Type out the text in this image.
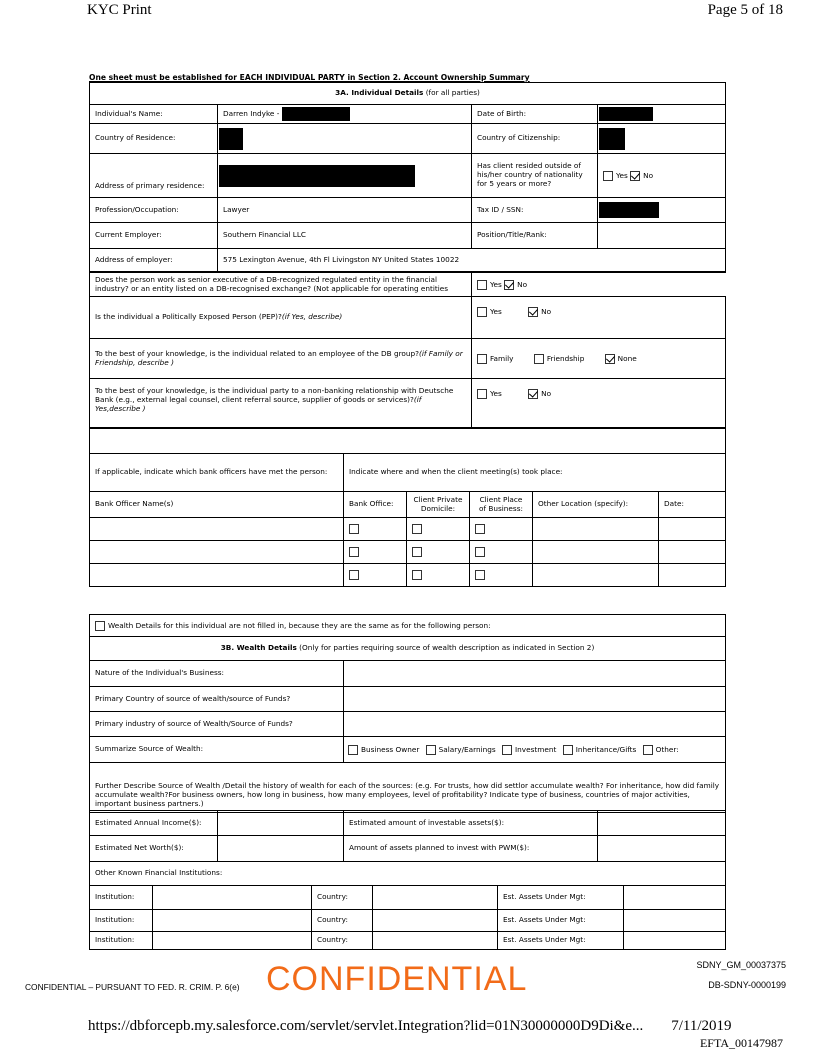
KYC Print	Page 5 of 18
One sheet must be established for EACH INDIVIDUAL PARTY in Section 2. Account Ownership Summary
3A. Individual Details (for all parties)			
Individual's Name:	Darren Indyke -	Date of Birth:	
Country of Residence:		Country of Citizenship:	
Address of primary residence:		Has client resided outside of his/her country of nationality for 5 years or more?	Yes No
Profession/Occupation:	Lawyer	Tax ID / SSN:	
Current Employer:	Southern Financial LLC	Position/Title/Rank:	
Address of employer:	575 Lexington Avenue, 4th Fl Livingston NY United States 10022		
Does the person work as senior executive of a DB-recognized regulated entity in the financial industry? or an entity listed on a DB-recognised exchange? (Not applicable for operating entities	Yes No
Is the individual a Politically Exposed Person (PEP)?(if Yes, describe)	Yes No
To the best of your knowledge, is the individual related to an employee of the DB group?(if Family or Friendship, describe )	Family Friendship None
To the best of your knowledge, is the individual party to a non-banking relationship with Deutsche Bank (e.g., external legal counsel, client referral source, supplier of goods or services)?(if Yes,describe )	Yes No

If applicable, indicate which bank officers have met the person:	Indicate where and when the client meeting(s) took place:				
Bank Officer Name(s)	Bank Office:	Client Private Domicile:	Client Place of Business:	Other Location (specify):	Date:

Wealth Details for this individual are not filled in, because they are the same as for the following person:	
3B. Wealth Details (Only for parties requiring source of wealth description as indicated in Section 2)	
Nature of the Individual's Business:	
Primary Country of source of wealth/source of Funds?	
Primary industry of source of Wealth/Source of Funds?	
Summarize Source of Wealth:	Business Owner Salary/Earnings Investment Inheritance/Gifts Other:
Further Describe Source of Wealth /Detail the history of wealth for each of the sources: (e.g. For trusts, how did settlor accumulate wealth? For inheritance, how did family accumulate wealth?For business owners, how long in business, how many employees, level of profitability? Indicate type of business, countries of major activities, important business partners.)	
Estimated Annual Income($):		Estimated amount of investable assets($):	
Estimated Net Worth($):		Amount of assets planned to invest with PWM($):	
Other Known Financial Institutions:			
Institution:		Country:		Est. Assets Under Mgt:	
Institution:		Country:		Est. Assets Under Mgt:	
Institution:		Country:		Est. Assets Under Mgt:	
SDNY_GM_00037375
CONFIDENTIAL
CONFIDENTIAL – PURSUANT TO FED. R. CRIM. P. 6(e)	DB-SDNY-0000199
https://dbforcepb.my.salesforce.com/servlet/servlet.Integration?lid=01N30000000D9Di&e... 7/11/2019
EFTA_00147987
